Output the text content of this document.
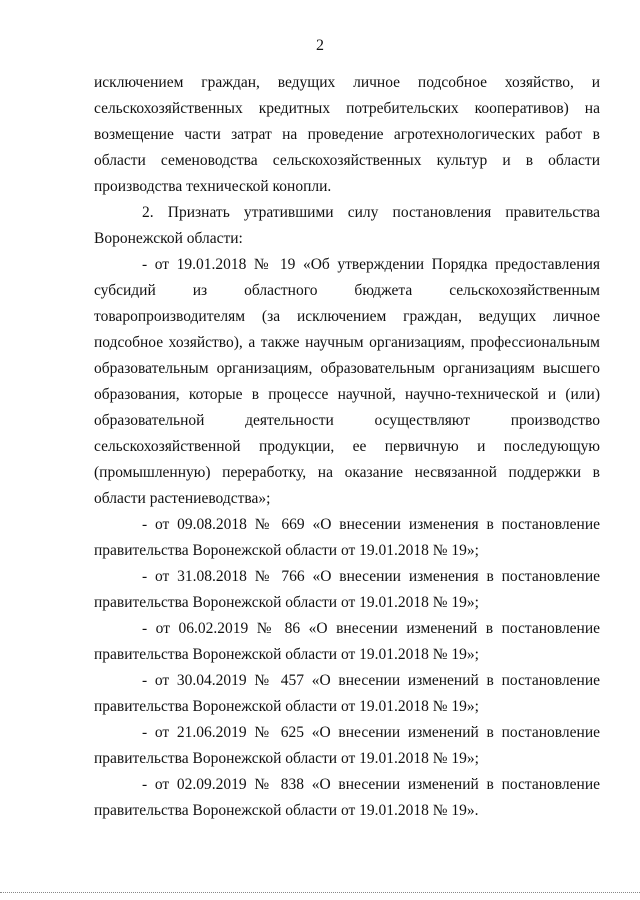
2

исключением граждан, ведущих личное подсобное хозяйство, и сельскохозяйственных кредитных потребительских кооперативов) на возмещение части затрат на проведение агротехнологических работ в области семеноводства сельскохозяйственных культур и в области производства технической конопли.

2. Признать утратившими силу постановления правительства Воронежской области:

- от 19.01.2018 № 19 «Об утверждении Порядка предоставления субсидий из областного бюджета сельскохозяйственным товаропроизводителям (за исключением граждан, ведущих личное подсобное хозяйство), а также научным организациям, профессиональным образовательным организациям, образовательным организациям высшего образования, которые в процессе научной, научно-технической и (или) образовательной деятельности осуществляют производство сельскохозяйственной продукции, ее первичную и последующую (промышленную) переработку, на оказание несвязанной поддержки в области растениеводства»;

- от 09.08.2018 № 669 «О внесении изменения в постановление правительства Воронежской области от 19.01.2018 № 19»;

- от 31.08.2018 № 766 «О внесении изменения в постановление правительства Воронежской области от 19.01.2018 № 19»;

- от 06.02.2019 № 86 «О внесении изменений в постановление правительства Воронежской области от 19.01.2018 № 19»;

- от 30.04.2019 № 457 «О внесении изменений в постановление правительства Воронежской области от 19.01.2018 № 19»;

- от 21.06.2019 № 625 «О внесении изменений в постановление правительства Воронежской области от 19.01.2018 № 19»;

- от 02.09.2019 № 838 «О внесении изменений в постановление правительства Воронежской области от 19.01.2018 № 19».
